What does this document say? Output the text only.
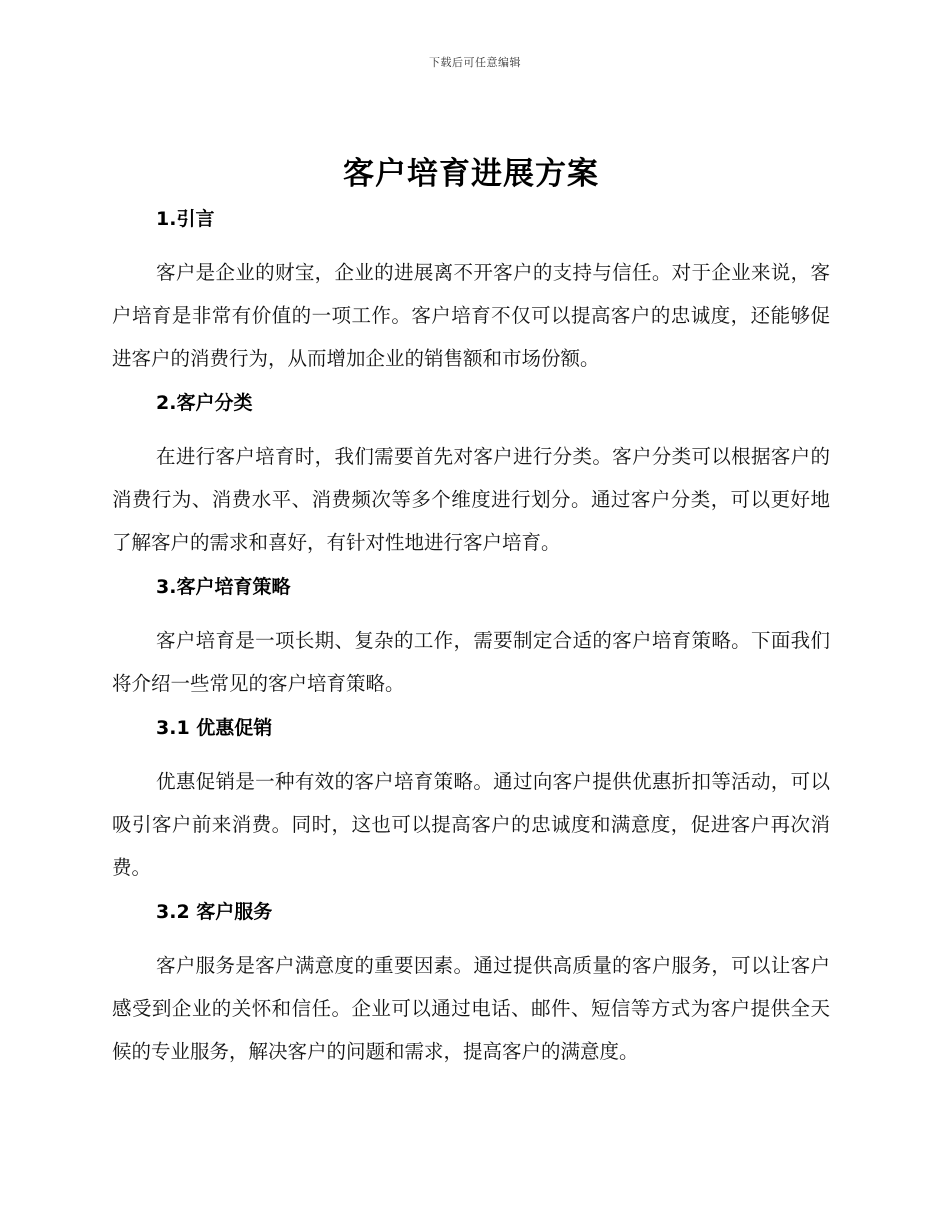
下载后可任意编辑
客户培育进展方案
1.引言

客户是企业的财宝，企业的进展离不开客户的支持与信任。对于企业来说，客户培育是非常有价值的一项工作。客户培育不仅可以提高客户的忠诚度，还能够促进客户的消费行为，从而增加企业的销售额和市场份额。

2.客户分类

在进行客户培育时，我们需要首先对客户进行分类。客户分类可以根据客户的消费行为、消费水平、消费频次等多个维度进行划分。通过客户分类，可以更好地了解客户的需求和喜好，有针对性地进行客户培育。

3.客户培育策略

客户培育是一项长期、复杂的工作，需要制定合适的客户培育策略。下面我们将介绍一些常见的客户培育策略。

3.1 优惠促销

优惠促销是一种有效的客户培育策略。通过向客户提供优惠折扣等活动，可以吸引客户前来消费。同时，这也可以提高客户的忠诚度和满意度，促进客户再次消费。

3.2 客户服务

客户服务是客户满意度的重要因素。通过提供高质量的客户服务，可以让客户感受到企业的关怀和信任。企业可以通过电话、邮件、短信等方式为客户提供全天候的专业服务，解决客户的问题和需求，提高客户的满意度。
